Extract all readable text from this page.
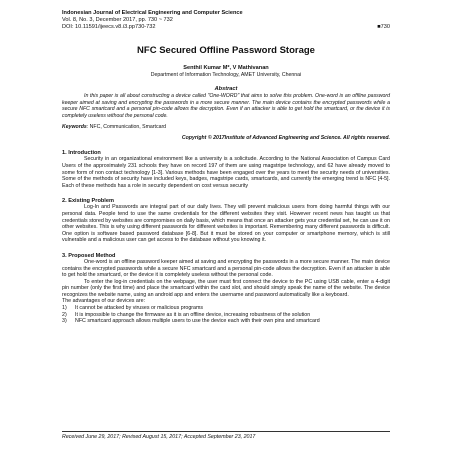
Indonesian Journal of Electrical Engineering and Computer Science
Vol. 8, No. 3, December 2017, pp. 730 ~ 732
DOI: 10.11591/ijeecs.v8.i3.pp730-732	■730
NFC Secured Offline Password Storage
Senthil Kumar M*, V Mathivanan
Department of Information Technology, AMET University, Chennai
Abstract

In this paper is all about constructing a device called "One-WORD" that aims to solve this problem. One-word is an offline password keeper aimed at saving and encrypting the passwords in a more secure manner. The main device contains the encrypted passwords while a secure NFC smartcard and a personal pin-code allows the decryption. Even if an attacker is able to get hold the smartcard, or the device it is completely useless without the personal code.

Keywords: NFC, Communication, Smartcard
Copyright © 2017Institute of Advanced Engineering and Science. All rights reserved.
1. Introduction

Security in an organizational environment like a university is a solicitude. According to the National Association of Campus Card Users of the approximately 231 schools they have on record 197 of them are using magstripe technology, and 62 have already moved to some form of non contact technology [1-3]. Various methods have been engaged over the years to meet the security needs of universities. Some of the methods of security have included keys, badges, magstripe cards, smartcards, and currently the emerging trend is NFC [4-5]. Each of these methods has a role in security dependent on cost versus security

2. Existing Problem

Log-In and Passwords are integral part of our daily lives. They will prevent malicious users from doing harmful things with our personal data. People tend to use the same credentials for the different websites they visit. However recent news has taught us that credentials stored by websites are compromises on daily basis, which means that once an attacker gets your credential set, he can use it on other websites. This is why using different passwords for different websites is important. Remembering many different passwords is difficult. One option is software based password database [6-8]. But it must be stored on your computer or smartphone memory, which is still vulnerable and a malicious user can get access to the database without you knowing it.

3. Proposed Method

One-word is an offline password keeper aimed at saving and encrypting the passwords in a more secure manner. The main device contains the encrypted passwords while a secure NFC smartcard and a personal pin-code allows the decryption. Even if an attacker is able to get hold the smartcard, or the device it is completely useless without the personal code.

To enter the log-in credentials on the webpage, the user must first connect the device to the PC using USB cable, enter a 4-digit pin number (only the first time) and place the smartcard within the card slot, and should simply speak the name of the website. The device recognizes the website name, using an android app and enters the username and password automatically like a keyboard.

The advantages of our devices are:

1)	It cannot be attacked by viruses or malicious programs
2)	It is impossible to change the firmware as it is an offline device, increasing robustness of the solution
3)	NFC smartcard approach allows multiple users to use the device each with their own pins and smartcard
Received June 29, 2017; Revised August 15, 2017; Accepted September 23, 2017
